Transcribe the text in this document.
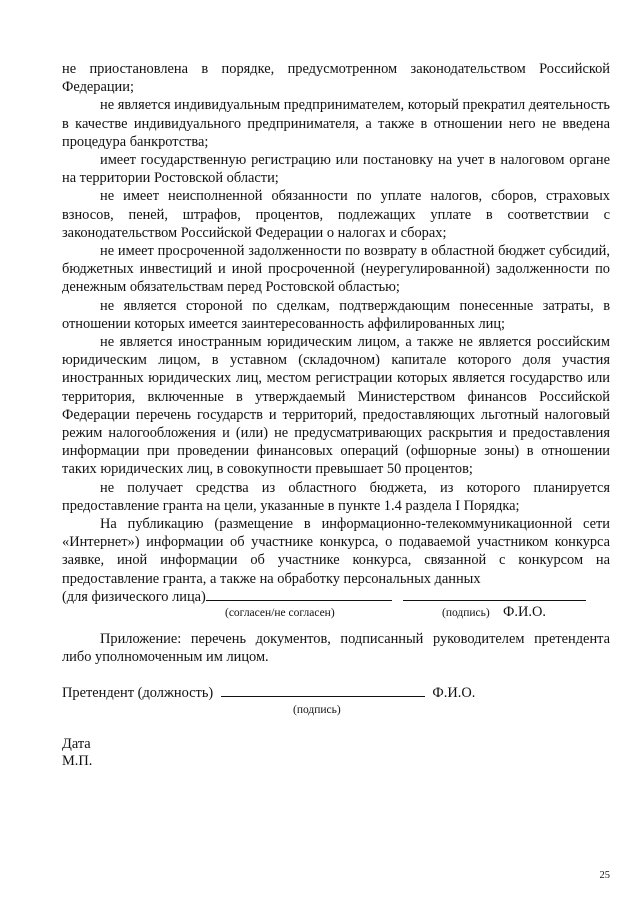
не приостановлена в порядке, предусмотренном законодательством Российской Федерации;

не является индивидуальным предпринимателем, который прекратил деятельность в качестве индивидуального предпринимателя, а также в отношении него не введена процедура банкротства;

имеет государственную регистрацию или постановку на учет в налоговом органе на территории Ростовской области;

не имеет неисполненной обязанности по уплате налогов, сборов, страховых взносов, пеней, штрафов, процентов, подлежащих уплате в соответствии с законодательством Российской Федерации о налогах и сборах;

не имеет просроченной задолженности по возврату в областной бюджет субсидий, бюджетных инвестиций и иной просроченной (неурегулированной) задолженности по денежным обязательствам перед Ростовской областью;

не является стороной по сделкам, подтверждающим понесенные затраты, в отношении которых имеется заинтересованность аффилированных лиц;

не является иностранным юридическим лицом, а также не является российским юридическим лицом, в уставном (складочном) капитале которого доля участия иностранных юридических лиц, местом регистрации которых является государство или территория, включенные в утверждаемый Министерством финансов Российской Федерации перечень государств и территорий, предоставляющих льготный налоговый режим налогообложения и (или) не предусматривающих раскрытия и предоставления информации при проведении финансовых операций (офшорные зоны) в отношении таких юридических лиц, в совокупности превышает 50 процентов;

не получает средства из областного бюджета, из которого планируется предоставление гранта на цели, указанные в пункте 1.4 раздела I Порядка;

На публикацию (размещение в информационно-телекоммуникационной сети «Интернет») информации об участнике конкурса, о подаваемой участником конкурса заявке, иной информации об участнике конкурса, связанной с конкурсом на предоставление гранта, а также на обработку персональных данных

(для физического лица)
(согласен/не согласен)	(подпись) Ф.И.О.

Приложение: перечень документов, подписанный руководителем претендента либо уполномоченным им лицом.

Претендент (должность)	Ф.И.О.
(подпись)
Дата
М.П.
25
